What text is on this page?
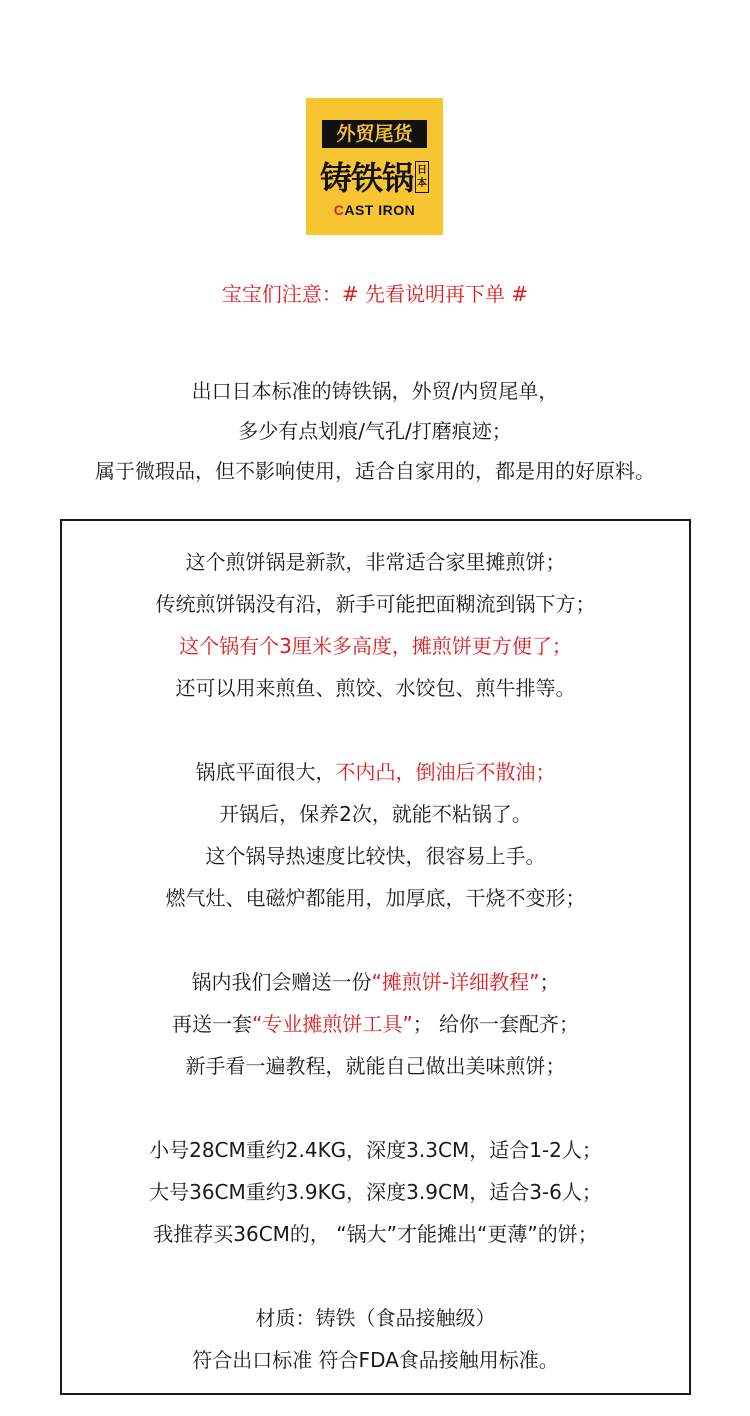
外贸尾货
铸铁锅 日本
CAST IRON
宝宝们注意：# 先看说明再下单 #
出口日本标准的铸铁锅，外贸/内贸尾单，
多少有点划痕/气孔/打磨痕迹；
属于微瑕品，但不影响使用，适合自家用的，都是用的好原料。
这个煎饼锅是新款，非常适合家里摊煎饼；
传统煎饼锅没有沿，新手可能把面糊流到锅下方；
这个锅有个3厘米多高度，摊煎饼更方便了；
还可以用来煎鱼、煎饺、水饺包、煎牛排等。
锅底平面很大，不内凸，倒油后不散油；
开锅后，保养2次，就能不粘锅了。
这个锅导热速度比较快，很容易上手。
燃气灶、电磁炉都能用，加厚底，干烧不变形；
锅内我们会赠送一份“摊煎饼-详细教程”；
再送一套“专业摊煎饼工具”； 给你一套配齐；
新手看一遍教程，就能自己做出美味煎饼；
小号28CM重约2.4KG，深度3.3CM，适合1-2人；
大号36CM重约3.9KG，深度3.9CM，适合3-6人；
我推荐买36CM的， “锅大”才能摊出“更薄”的饼；
材质：铸铁（食品接触级）
符合出口标准 符合FDA食品接触用标准。
